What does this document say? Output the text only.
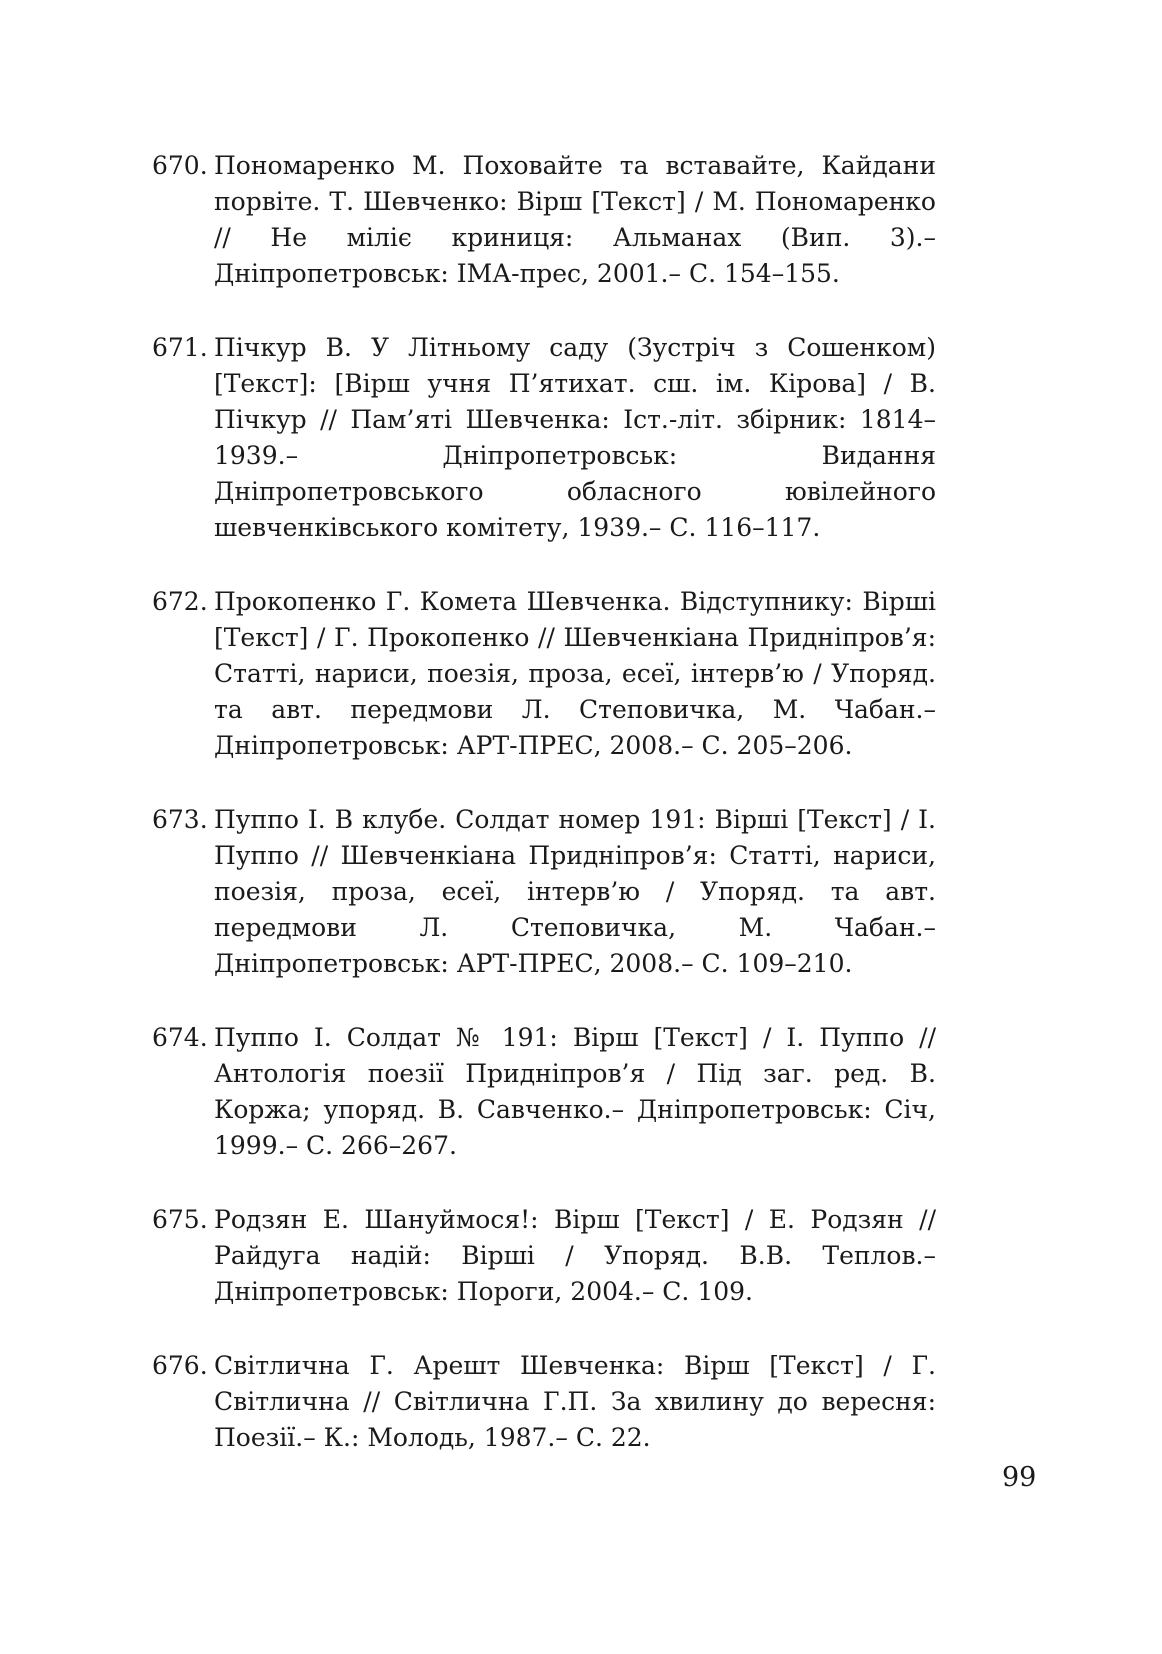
670. Пономаренко М. Поховайте та вставайте, Кайдани порвіте. Т. Шевченко: Вірш [Текст] / М. Пономаренко // Не міліє криниця: Альманах (Вип. 3).– Дніпропетровськ: ІМА-прес, 2001.– С. 154–155.
671. Пічкур В. У Літньому саду (Зустріч з Сошенком) [Текст]: [Вірш учня П’ятихат. сш. ім. Кірова] / В. Пічкур // Пам’яті Шевченка: Іст.-літ. збірник: 1814–1939.– Дніпропетровськ: Видання Дніпропетровського обласного ювілейного шевченківського комітету, 1939.– С. 116–117.
672. Прокопенко Г. Комета Шевченка. Відступнику: Вірші [Текст] / Г. Прокопенко // Шевченкіана Придніпров’я: Статті, нариси, поезія, проза, есеї, інтерв’ю / Упоряд. та авт. передмови Л. Степовичка, М. Чабан.– Дніпропетровськ: АРТ-ПРЕС, 2008.– С. 205–206.
673. Пуппо І. В клубе. Солдат номер 191: Вірші [Текст] / І. Пуппо // Шевченкіана Придніпров’я: Статті, нариси, поезія, проза, есеї, інтерв’ю / Упоряд. та авт. передмови Л. Степовичка, М. Чабан.– Дніпропетровськ: АРТ-ПРЕС, 2008.– С. 109–210.
674. Пуппо І. Солдат № 191: Вірш [Текст] / І. Пуппо // Антологія поезії Придніпров’я / Під заг. ред. В. Коржа; упоряд. В. Савченко.– Дніпропетровськ: Січ, 1999.– С. 266–267.
675. Родзян Е. Шануймося!: Вірш [Текст] / Е. Родзян // Райдуга надій: Вірші / Упоряд. В.В. Теплов.– Дніпропетровськ: Пороги, 2004.– С. 109.
676. Світлична Г. Арешт Шевченка: Вірш [Текст] / Г. Світлична // Світлична Г.П. За хвилину до вересня: Поезії.– К.: Молодь, 1987.– С. 22.
99
